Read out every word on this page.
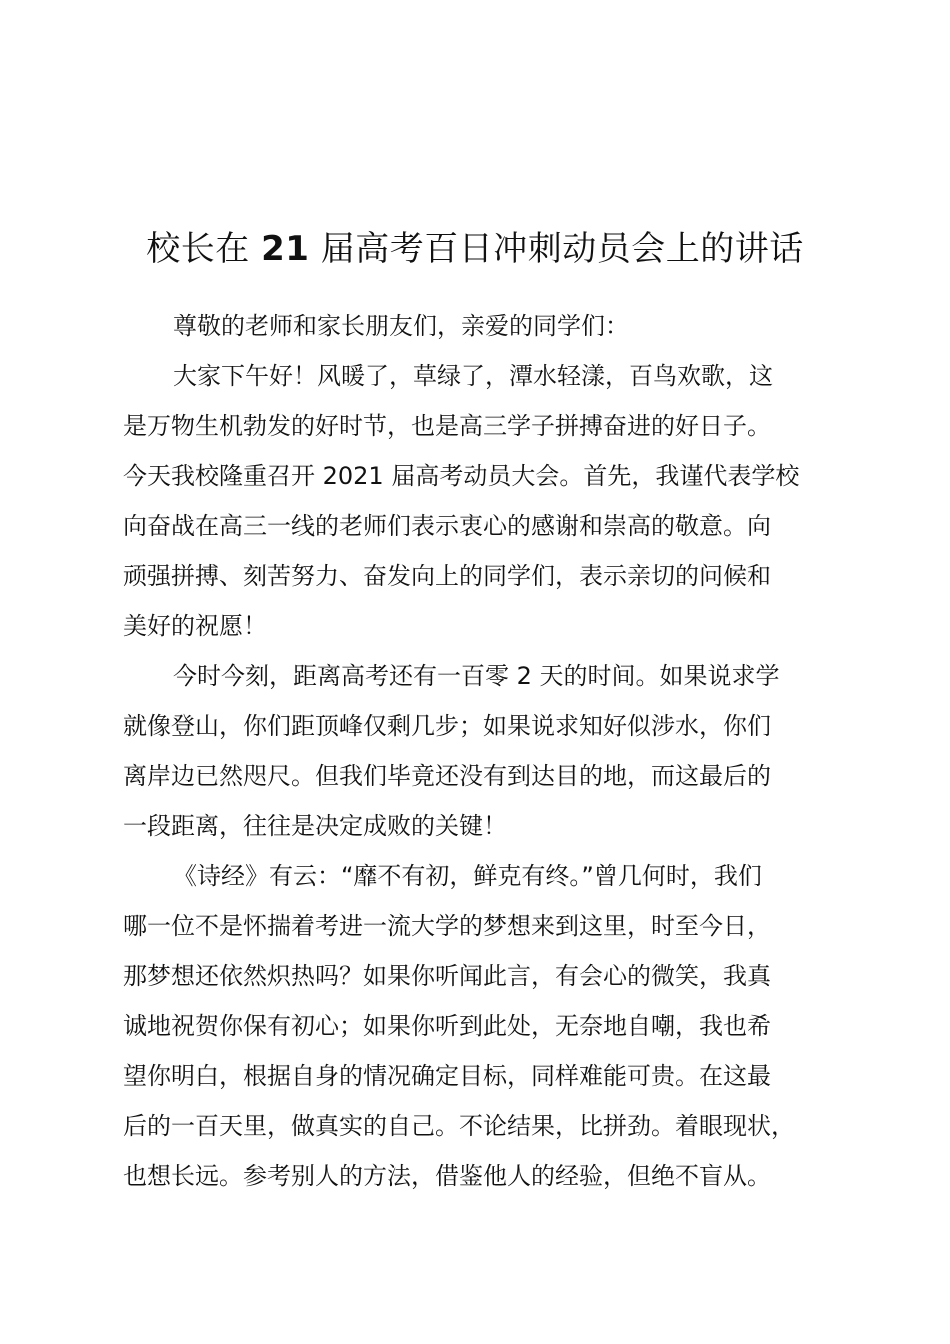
校长在 21 届高考百日冲刺动员会上的讲话
尊敬的老师和家长朋友们，亲爱的同学们：
大家下午好！风暖了，草绿了，潭水轻漾，百鸟欢歌，这
是万物生机勃发的好时节，也是高三学子拼搏奋进的好日子。
今天我校隆重召开 2021 届高考动员大会。首先，我谨代表学校
向奋战在高三一线的老师们表示衷心的感谢和崇高的敬意。向
顽强拼搏、刻苦努力、奋发向上的同学们，表示亲切的问候和
美好的祝愿！
今时今刻，距离高考还有一百零 2 天的时间。如果说求学
就像登山，你们距顶峰仅剩几步；如果说求知好似涉水，你们
离岸边已然咫尺。但我们毕竟还没有到达目的地，而这最后的
一段距离，往往是决定成败的关键！
《诗经》有云：“靡不有初，鲜克有终。”曾几何时，我们
哪一位不是怀揣着考进一流大学的梦想来到这里，时至今日，
那梦想还依然炽热吗？如果你听闻此言，有会心的微笑，我真
诚地祝贺你保有初心；如果你听到此处，无奈地自嘲，我也希
望你明白，根据自身的情况确定目标，同样难能可贵。在这最
后的一百天里，做真实的自己。不论结果，比拼劲。着眼现状，
也想长远。参考别人的方法，借鉴他人的经验，但绝不盲从。
